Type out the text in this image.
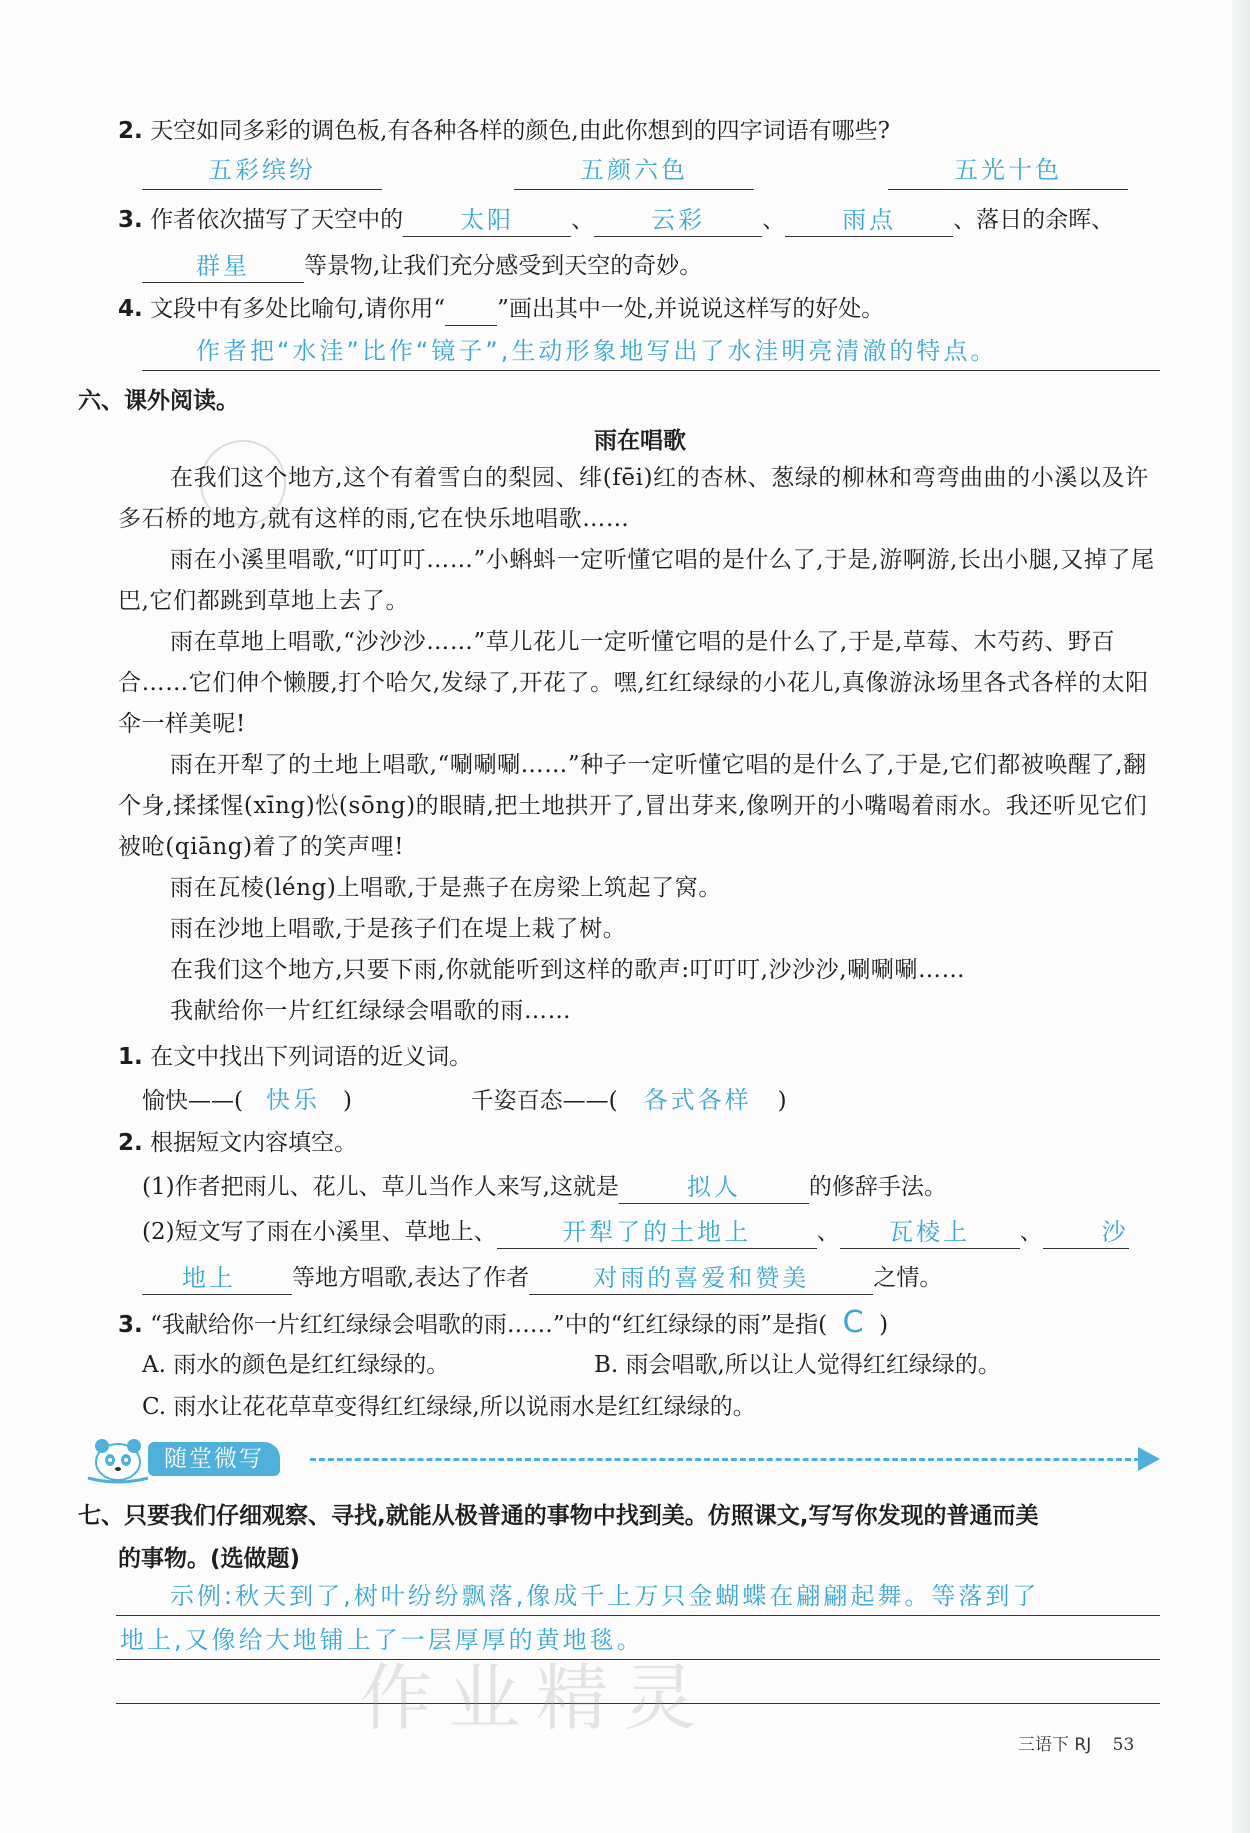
2. 天空如同多彩的调色板,有各种各样的颜色,由此你想到的四字词语有哪些?
五彩缤纷	五颜六色	五光十色
3. 作者依次描写了天空中的 太阳 、 云彩 、 雨点 、落日的余晖、
群星 等景物,让我们充分感受到天空的奇妙。
4. 文段中有多处比喻句,请你用“ ”画出其中一处,并说说这样写的好处。
作者把“水洼”比作“镜子”,生动形象地写出了水洼明亮清澈的特点。
六、课外阅读。
雨在唱歌
在我们这个地方,这个有着雪白的梨园、绯(fēi)红的杏林、葱绿的柳林和弯弯曲曲的小溪以及许多石桥的地方,就有这样的雨,它在快乐地唱歌……
雨在小溪里唱歌,“叮叮叮……”小蝌蚪一定听懂它唱的是什么了,于是,游啊游,长出小腿,又掉了尾巴,它们都跳到草地上去了。
雨在草地上唱歌,“沙沙沙……”草儿花儿一定听懂它唱的是什么了,于是,草莓、木芍药、野百合……它们伸个懒腰,打个哈欠,发绿了,开花了。嘿,红红绿绿的小花儿,真像游泳场里各式各样的太阳伞一样美呢!
雨在开犁了的土地上唱歌,“唰唰唰……”种子一定听懂它唱的是什么了,于是,它们都被唤醒了,翻个身,揉揉惺(xīng)忪(sōng)的眼睛,把土地拱开了,冒出芽来,像咧开的小嘴喝着雨水。我还听见它们被呛(qiāng)着了的笑声哩!
雨在瓦棱(léng)上唱歌,于是燕子在房梁上筑起了窝。
雨在沙地上唱歌,于是孩子们在堤上栽了树。
在我们这个地方,只要下雨,你就能听到这样的歌声:叮叮叮,沙沙沙,唰唰唰……
我献给你一片红红绿绿会唱歌的雨……
1. 在文中找出下列词语的近义词。
愉快——( 快乐 )	千姿百态——( 各式各样 )
2. 根据短文内容填空。
(1)作者把雨儿、花儿、草儿当作人来写,这就是	拟人	的修辞手法。
(2)短文写了雨在小溪里、草地上、	开犁了的土地上	、 瓦棱上 、 沙
地上 等地方唱歌,表达了作者	对雨的喜爱和赞美	之情。
3. “我献给你一片红红绿绿会唱歌的雨……”中的“红红绿绿的雨”是指( C )
A. 雨水的颜色是红红绿绿的。	B. 雨会唱歌,所以让人觉得红红绿绿的。
C. 雨水让花花草草变得红红绿绿,所以说雨水是红红绿绿的。
随堂微写
七、只要我们仔细观察、寻找,就能从极普通的事物中找到美。仿照课文,写写你发现的普通而美
的事物。(选做题)
示例:秋天到了,树叶纷纷飘落,像成千上万只金蝴蝶在翩翩起舞。等落到了
地上,又像给大地铺上了一层厚厚的黄地毯。
作业精灵
三语下 RJ 53
